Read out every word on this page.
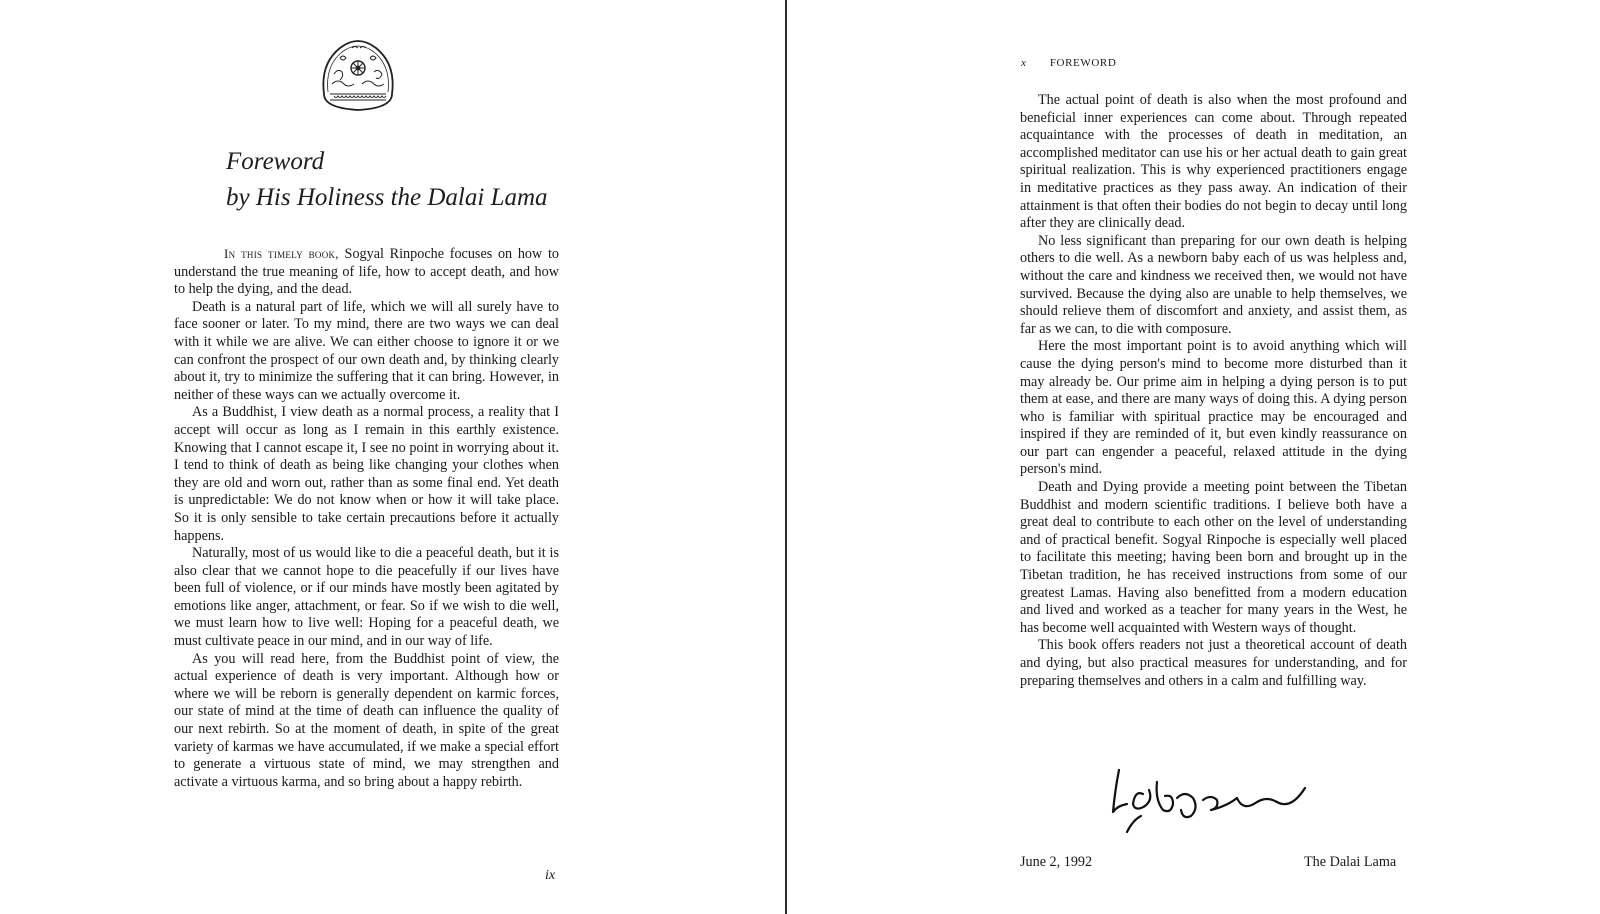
Foreword
by His Holiness the Dalai Lama

In this timely book, Sogyal Rinpoche focuses on how to understand the true meaning of life, how to accept death, and how to help the dying, and the dead.

Death is a natural part of life, which we will all surely have to face sooner or later. To my mind, there are two ways we can deal with it while we are alive. We can either choose to ignore it or we can confront the prospect of our own death and, by thinking clearly about it, try to minimize the suffering that it can bring. However, in neither of these ways can we actually overcome it.

As a Buddhist, I view death as a normal process, a reality that I accept will occur as long as I remain in this earthly existence. Knowing that I cannot escape it, I see no point in worrying about it. I tend to think of death as being like changing your clothes when they are old and worn out, rather than as some final end. Yet death is unpredictable: We do not know when or how it will take place. So it is only sensible to take certain precautions before it actually happens.

Naturally, most of us would like to die a peaceful death, but it is also clear that we cannot hope to die peacefully if our lives have been full of violence, or if our minds have mostly been agitated by emotions like anger, attachment, or fear. So if we wish to die well, we must learn how to live well: Hoping for a peaceful death, we must cultivate peace in our mind, and in our way of life.

As you will read here, from the Buddhist point of view, the actual experience of death is very important. Although how or where we will be reborn is generally dependent on karmic forces, our state of mind at the time of death can influence the quality of our next rebirth. So at the moment of death, in spite of the great variety of karmas we have accumulated, if we make a special effort to generate a virtuous state of mind, we may strengthen and activate a virtuous karma, and so bring about a happy rebirth.

ix
x FOREWORD

The actual point of death is also when the most profound and beneficial inner experiences can come about. Through repeated acquaintance with the processes of death in meditation, an accomplished meditator can use his or her actual death to gain great spiritual realization. This is why experienced practitioners engage in meditative practices as they pass away. An indication of their attainment is that often their bodies do not begin to decay until long after they are clinically dead.

No less significant than preparing for our own death is helping others to die well. As a newborn baby each of us was helpless and, without the care and kindness we received then, we would not have survived. Because the dying also are unable to help themselves, we should relieve them of discomfort and anxiety, and assist them, as far as we can, to die with composure.

Here the most important point is to avoid anything which will cause the dying person's mind to become more disturbed than it may already be. Our prime aim in helping a dying person is to put them at ease, and there are many ways of doing this. A dying person who is familiar with spiritual practice may be encouraged and inspired if they are reminded of it, but even kindly reassurance on our part can engender a peaceful, relaxed attitude in the dying person's mind.

Death and Dying provide a meeting point between the Tibetan Buddhist and modern scientific traditions. I believe both have a great deal to contribute to each other on the level of understanding and of practical benefit. Sogyal Rinpoche is especially well placed to facilitate this meeting; having been born and brought up in the Tibetan tradition, he has received instructions from some of our greatest Lamas. Having also benefitted from a modern education and lived and worked as a teacher for many years in the West, he has become well acquainted with Western ways of thought.

This book offers readers not just a theoretical account of death and dying, but also practical measures for understanding, and for preparing themselves and others in a calm and fulfilling way.

June 2, 1992	The Dalai Lama
